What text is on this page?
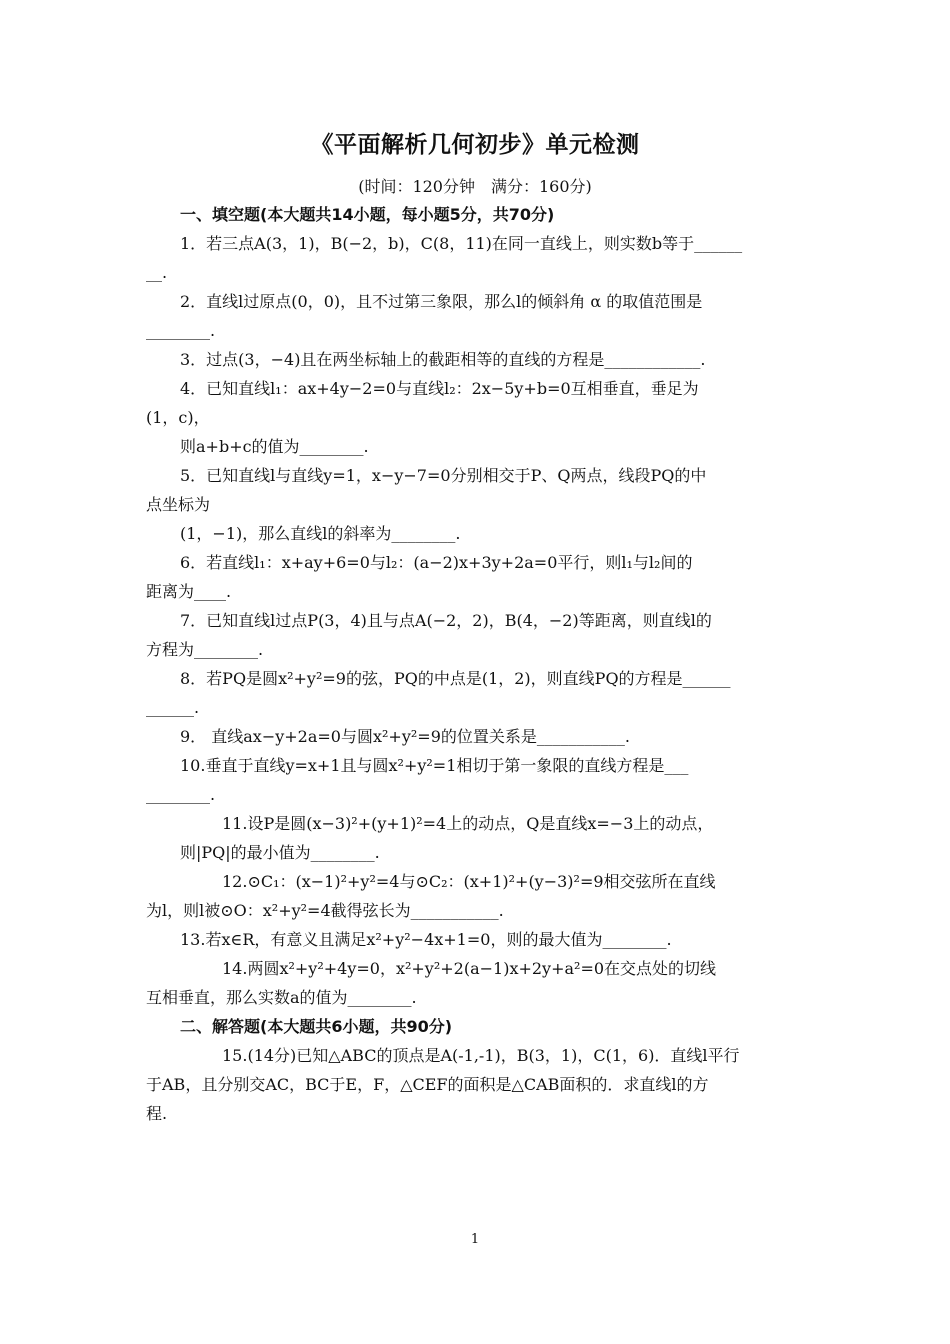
《平面解析几何初步》单元检测
(时间：120分钟　满分：160分)

一、填空题(本大题共14小题，每小题5分，共70分)

1．若三点A(3，1)，B(−2，b)，C(8，11)在同一直线上，则实数b等于______

__.

2．直线l过原点(0，0)，且不过第三象限，那么l的倾斜角 α 的取值范围是

________.

3．过点(3，−4)且在两坐标轴上的截距相等的直线的方程是____________.

4．已知直线l₁：ax+4y−2=0与直线l₂：2x−5y+b=0互相垂直，垂足为

(1，c)，

则a+b+c的值为________.

5．已知直线l与直线y=1，x−y−7=0分别相交于P、Q两点，线段PQ的中

点坐标为

(1，−1)，那么直线l的斜率为________.

6．若直线l₁：x+ay+6=0与l₂：(a−2)x+3y+2a=0平行，则l₁与l₂间的

距离为____.

7．已知直线l过点P(3，4)且与点A(−2，2)，B(4，−2)等距离，则直线l的

方程为________.

8．若PQ是圆x²+y²=9的弦，PQ的中点是(1，2)，则直线PQ的方程是______

______.

9． 直线ax−y+2a=0与圆x²+y²=9的位置关系是___________.

10.垂直于直线y=x+1且与圆x²+y²=1相切于第一象限的直线方程是___

________.

11.设P是圆(x−3)²+(y+1)²=4上的动点，Q是直线x=−3上的动点，

则|PQ|的最小值为________.

12.⊙C₁：(x−1)²+y²=4与⊙C₂：(x+1)²+(y−3)²=9相交弦所在直线

为l，则l被⊙O：x²+y²=4截得弦长为___________.

13.若x∈R，有意义且满足x²+y²−4x+1=0，则的最大值为________.

14.两圆x²+y²+4y=0，x²+y²+2(a−1)x+2y+a²=0在交点处的切线

互相垂直，那么实数a的值为________.

二、解答题(本大题共6小题，共90分)

15.(14分)已知△ABC的顶点是A(-1,-1)，B(3，1)，C(1，6)．直线l平行

于AB，且分别交AC，BC于E，F，△CEF的面积是△CAB面积的．求直线l的方

程.

1
